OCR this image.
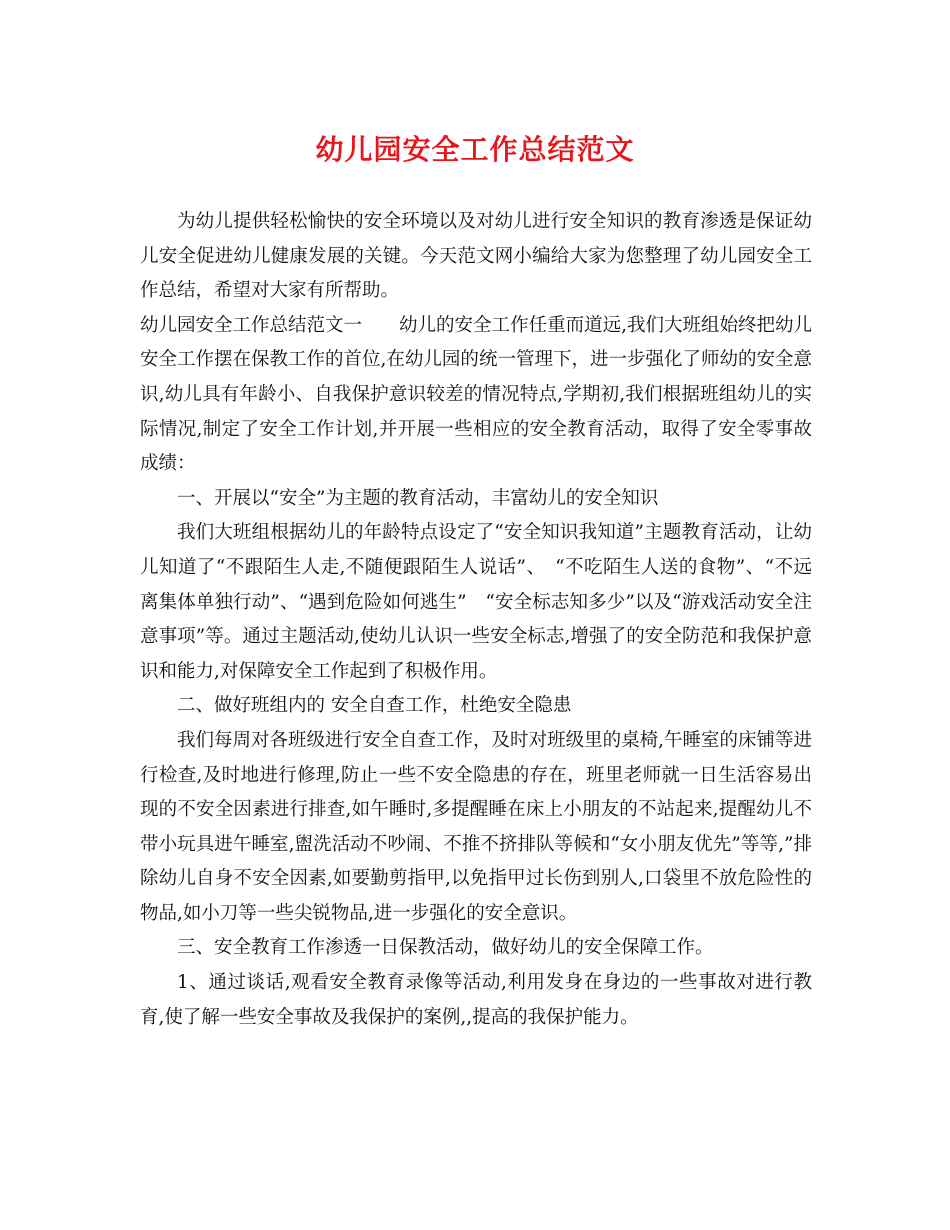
幼儿园安全工作总结范文

为幼儿提供轻松愉快的安全环境以及对幼儿进行安全知识的教育渗透是保证幼儿安全促进幼儿健康发展的关键。今天范文网小编给大家为您整理了幼儿园安全工作总结，希望对大家有所帮助。

幼儿园安全工作总结范文一　　幼儿的安全工作任重而道远,我们大班组始终把幼儿安全工作摆在保教工作的首位,在幼儿园的统一管理下，进一步强化了师幼的安全意识,幼儿具有年龄小、自我保护意识较差的情况特点,学期初,我们根据班组幼儿的实际情况,制定了安全工作计划,并开展一些相应的安全教育活动，取得了安全零事故成绩：

一、开展以“安全”为主题的教育活动，丰富幼儿的安全知识

我们大班组根据幼儿的年龄特点设定了“安全知识我知道”主题教育活动，让幼儿知道了“不跟陌生人走,不随便跟陌生人说话”、　“不吃陌生人送的食物”、“不远离集体单独行动”、“遇到危险如何逃生”　“安全标志知多少”以及“游戏活动安全注意事项”等。通过主题活动,使幼儿认识一些安全标志,增强了的安全防范和我保护意识和能力,对保障安全工作起到了积极作用。

二、做好班组内的 安全自查工作，杜绝安全隐患

我们每周对各班级进行安全自查工作，及时对班级里的桌椅,午睡室的床铺等进行检查,及时地进行修理,防止一些不安全隐患的存在，班里老师就一日生活容易出现的不安全因素进行排查,如午睡时,多提醒睡在床上小朋友的不站起来,提醒幼儿不带小玩具进午睡室,盥洗活动不吵闹、不推不挤排队等候和“女小朋友优先”等等,”排除幼儿自身不安全因素,如要勤剪指甲,以免指甲过长伤到别人,口袋里不放危险性的物品,如小刀等一些尖锐物品,进一步强化的安全意识。

三、安全教育工作渗透一日保教活动，做好幼儿的安全保障工作。

1、通过谈话,观看安全教育录像等活动,利用发身在身边的一些事故对进行教育,使了解一些安全事故及我保护的案例,,提高的我保护能力。
